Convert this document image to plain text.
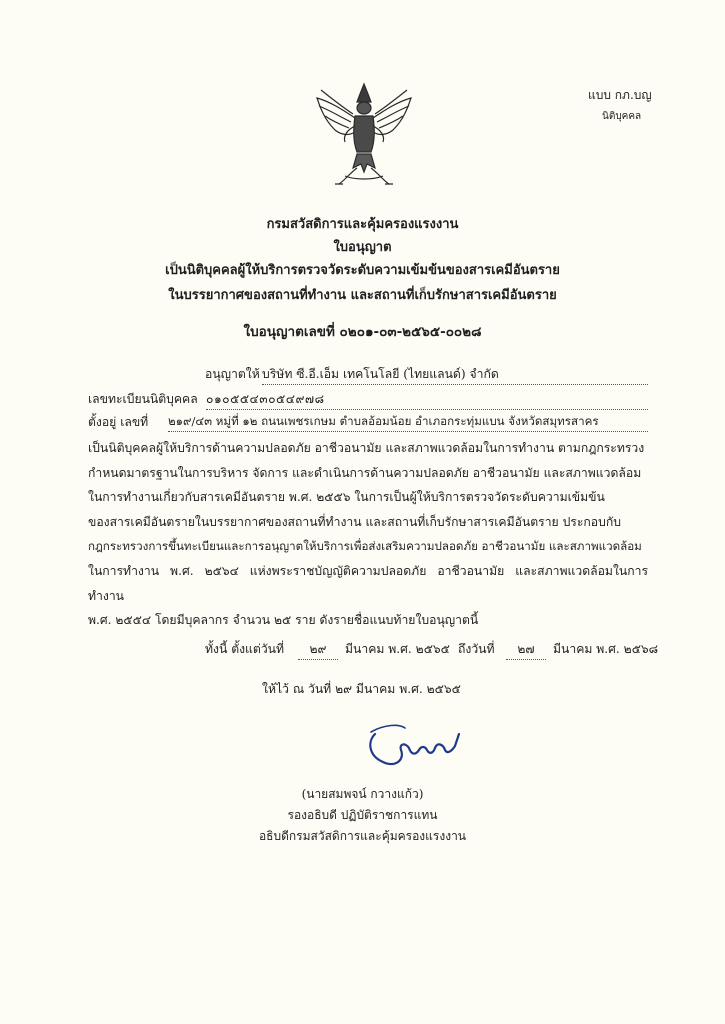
แบบ กภ.บญ
นิติบุคคล
กรมสวัสดิการและคุ้มครองแรงงาน
ใบอนุญาต
เป็นนิติบุคคลผู้ให้บริการตรวจวัดระดับความเข้มข้นของสารเคมีอันตราย
ในบรรยากาศของสถานที่ทำงาน และสถานที่เก็บรักษาสารเคมีอันตราย
ใบอนุญาตเลขที่ ๐๒๐๑-๐๓-๒๕๖๕-๐๐๒๘
อนุญาตให้ บริษัท ซี.อี.เอ็ม เทคโนโลยี (ไทยแลนด์) จำกัด
เลขทะเบียนนิติบุคคล ๐๑๐๕๕๔๓๐๕๔๙๗๘
ตั้งอยู่ เลขที่ ๒๑๙/๔๓ หมู่ที่ ๑๒ ถนนเพชรเกษม ตำบลอ้อมน้อย อำเภอกระทุ่มแบน จังหวัดสมุทรสาคร
เป็นนิติบุคคลผู้ให้บริการด้านความปลอดภัย อาชีวอนามัย และสภาพแวดล้อมในการทำงาน ตามกฎกระทรวง
กำหนดมาตรฐานในการบริหาร จัดการ และดำเนินการด้านความปลอดภัย อาชีวอนามัย และสภาพแวดล้อม
ในการทำงานเกี่ยวกับสารเคมีอันตราย พ.ศ. ๒๕๕๖ ในการเป็นผู้ให้บริการตรวจวัดระดับความเข้มข้น
ของสารเคมีอันตรายในบรรยากาศของสถานที่ทำงาน และสถานที่เก็บรักษาสารเคมีอันตราย ประกอบกับ
กฎกระทรวงการขึ้นทะเบียนและการอนุญาตให้บริการเพื่อส่งเสริมความปลอดภัย อาชีวอนามัย และสภาพแวดล้อม
ในการทำงาน พ.ศ. ๒๕๖๔ แห่งพระราชบัญญัติความปลอดภัย อาชีวอนามัย และสภาพแวดล้อมในการทำงาน
พ.ศ. ๒๕๕๔ โดยมีบุคลากร จำนวน ๒๕ ราย ดังรายชื่อแนบท้ายใบอนุญาตนี้
ทั้งนี้ ตั้งแต่วันที่	๒๙	มีนาคม พ.ศ. ๒๕๖๕ ถึงวันที่	๒๗	มีนาคม พ.ศ. ๒๕๖๘
ให้ไว้ ณ วันที่ ๒๙ มีนาคม พ.ศ. ๒๕๖๕
(นายสมพจน์ กวางแก้ว)
รองอธิบดี ปฏิบัติราชการแทน
อธิบดีกรมสวัสดิการและคุ้มครองแรงงาน
